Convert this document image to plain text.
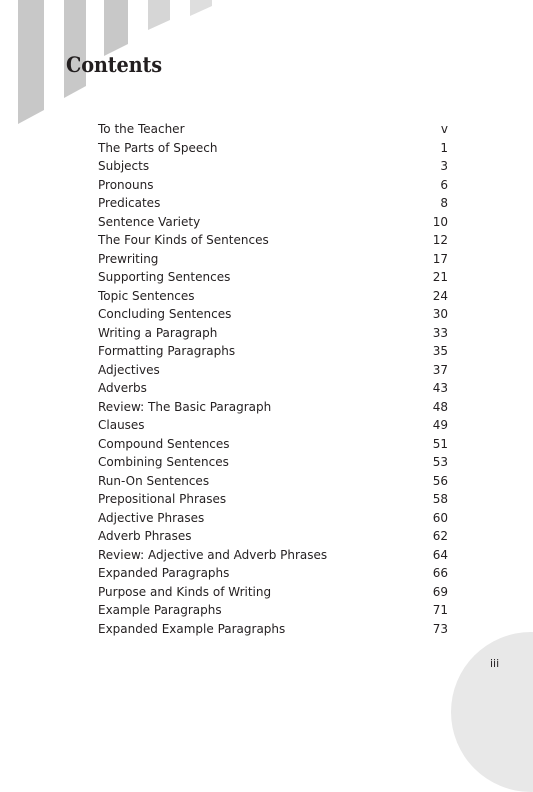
Contents
To the Teacher	v
The Parts of Speech	1
Subjects	3
Pronouns	6
Predicates	8
Sentence Variety	10
The Four Kinds of Sentences	12
Prewriting	17
Supporting Sentences	21
Topic Sentences	24
Concluding Sentences	30
Writing a Paragraph	33
Formatting Paragraphs	35
Adjectives	37
Adverbs	43
Review: The Basic Paragraph	48
Clauses	49
Compound Sentences	51
Combining Sentences	53
Run-On Sentences	56
Prepositional Phrases	58
Adjective Phrases	60
Adverb Phrases	62
Review: Adjective and Adverb Phrases	64
Expanded Paragraphs	66
Purpose and Kinds of Writing	69
Example Paragraphs	71
Expanded Example Paragraphs	73
iii
